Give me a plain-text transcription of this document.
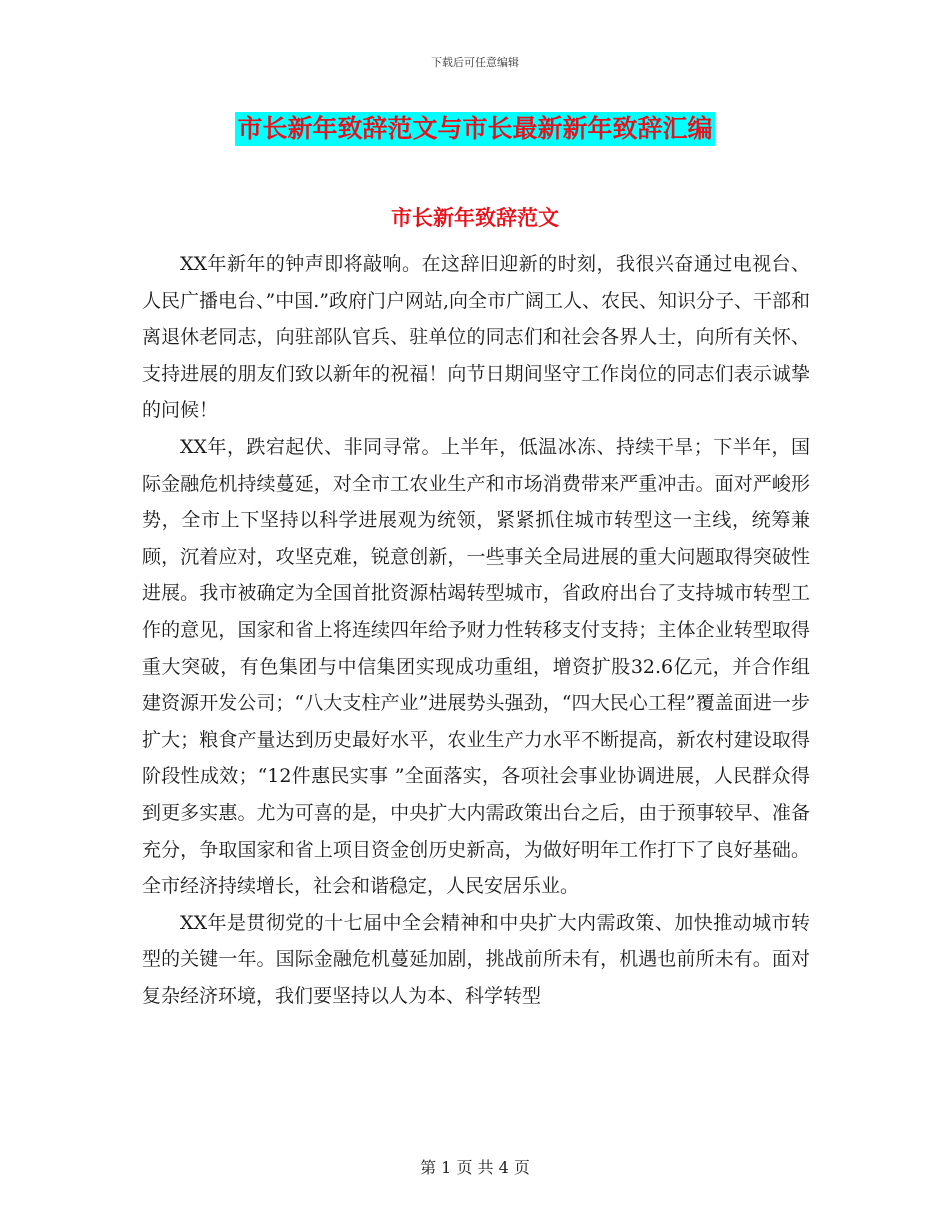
下载后可任意编辑
市长新年致辞范文与市长最新新年致辞汇编
市长新年致辞范文

XX年新年的钟声即将敲响。在这辞旧迎新的时刻，我很兴奋通过电视台、人民广播电台、”中国.”政府门户网站,向全市广阔工人、农民、知识分子、干部和离退休老同志，向驻部队官兵、驻单位的同志们和社会各界人士，向所有关怀、支持进展的朋友们致以新年的祝福！向节日期间坚守工作岗位的同志们表示诚挚的问候！

XX年，跌宕起伏、非同寻常。上半年，低温冰冻、持续干旱；下半年，国际金融危机持续蔓延，对全市工农业生产和市场消费带来严重冲击。面对严峻形势，全市上下坚持以科学进展观为统领，紧紧抓住城市转型这一主线，统筹兼顾，沉着应对，攻坚克难，锐意创新，一些事关全局进展的重大问题取得突破性进展。我市被确定为全国首批资源枯竭转型城市，省政府出台了支持城市转型工作的意见，国家和省上将连续四年给予财力性转移支付支持；主体企业转型取得重大突破，有色集团与中信集团实现成功重组，增资扩股32.6亿元，并合作组建资源开发公司；“八大支柱产业”进展势头强劲，“四大民心工程”覆盖面进一步扩大；粮食产量达到历史最好水平，农业生产力水平不断提高，新农村建设取得阶段性成效；“12件惠民实事 ”全面落实，各项社会事业协调进展，人民群众得到更多实惠。尤为可喜的是，中央扩大内需政策出台之后，由于预事较早、准备充分，争取国家和省上项目资金创历史新高，为做好明年工作打下了良好基础。全市经济持续增长，社会和谐稳定，人民安居乐业。

XX年是贯彻党的十七届中全会精神和中央扩大内需政策、加快推动城市转型的关键一年。国际金融危机蔓延加剧，挑战前所未有，机遇也前所未有。面对复杂经济环境，我们要坚持以人为本、科学转型

第 1 页 共 4 页
